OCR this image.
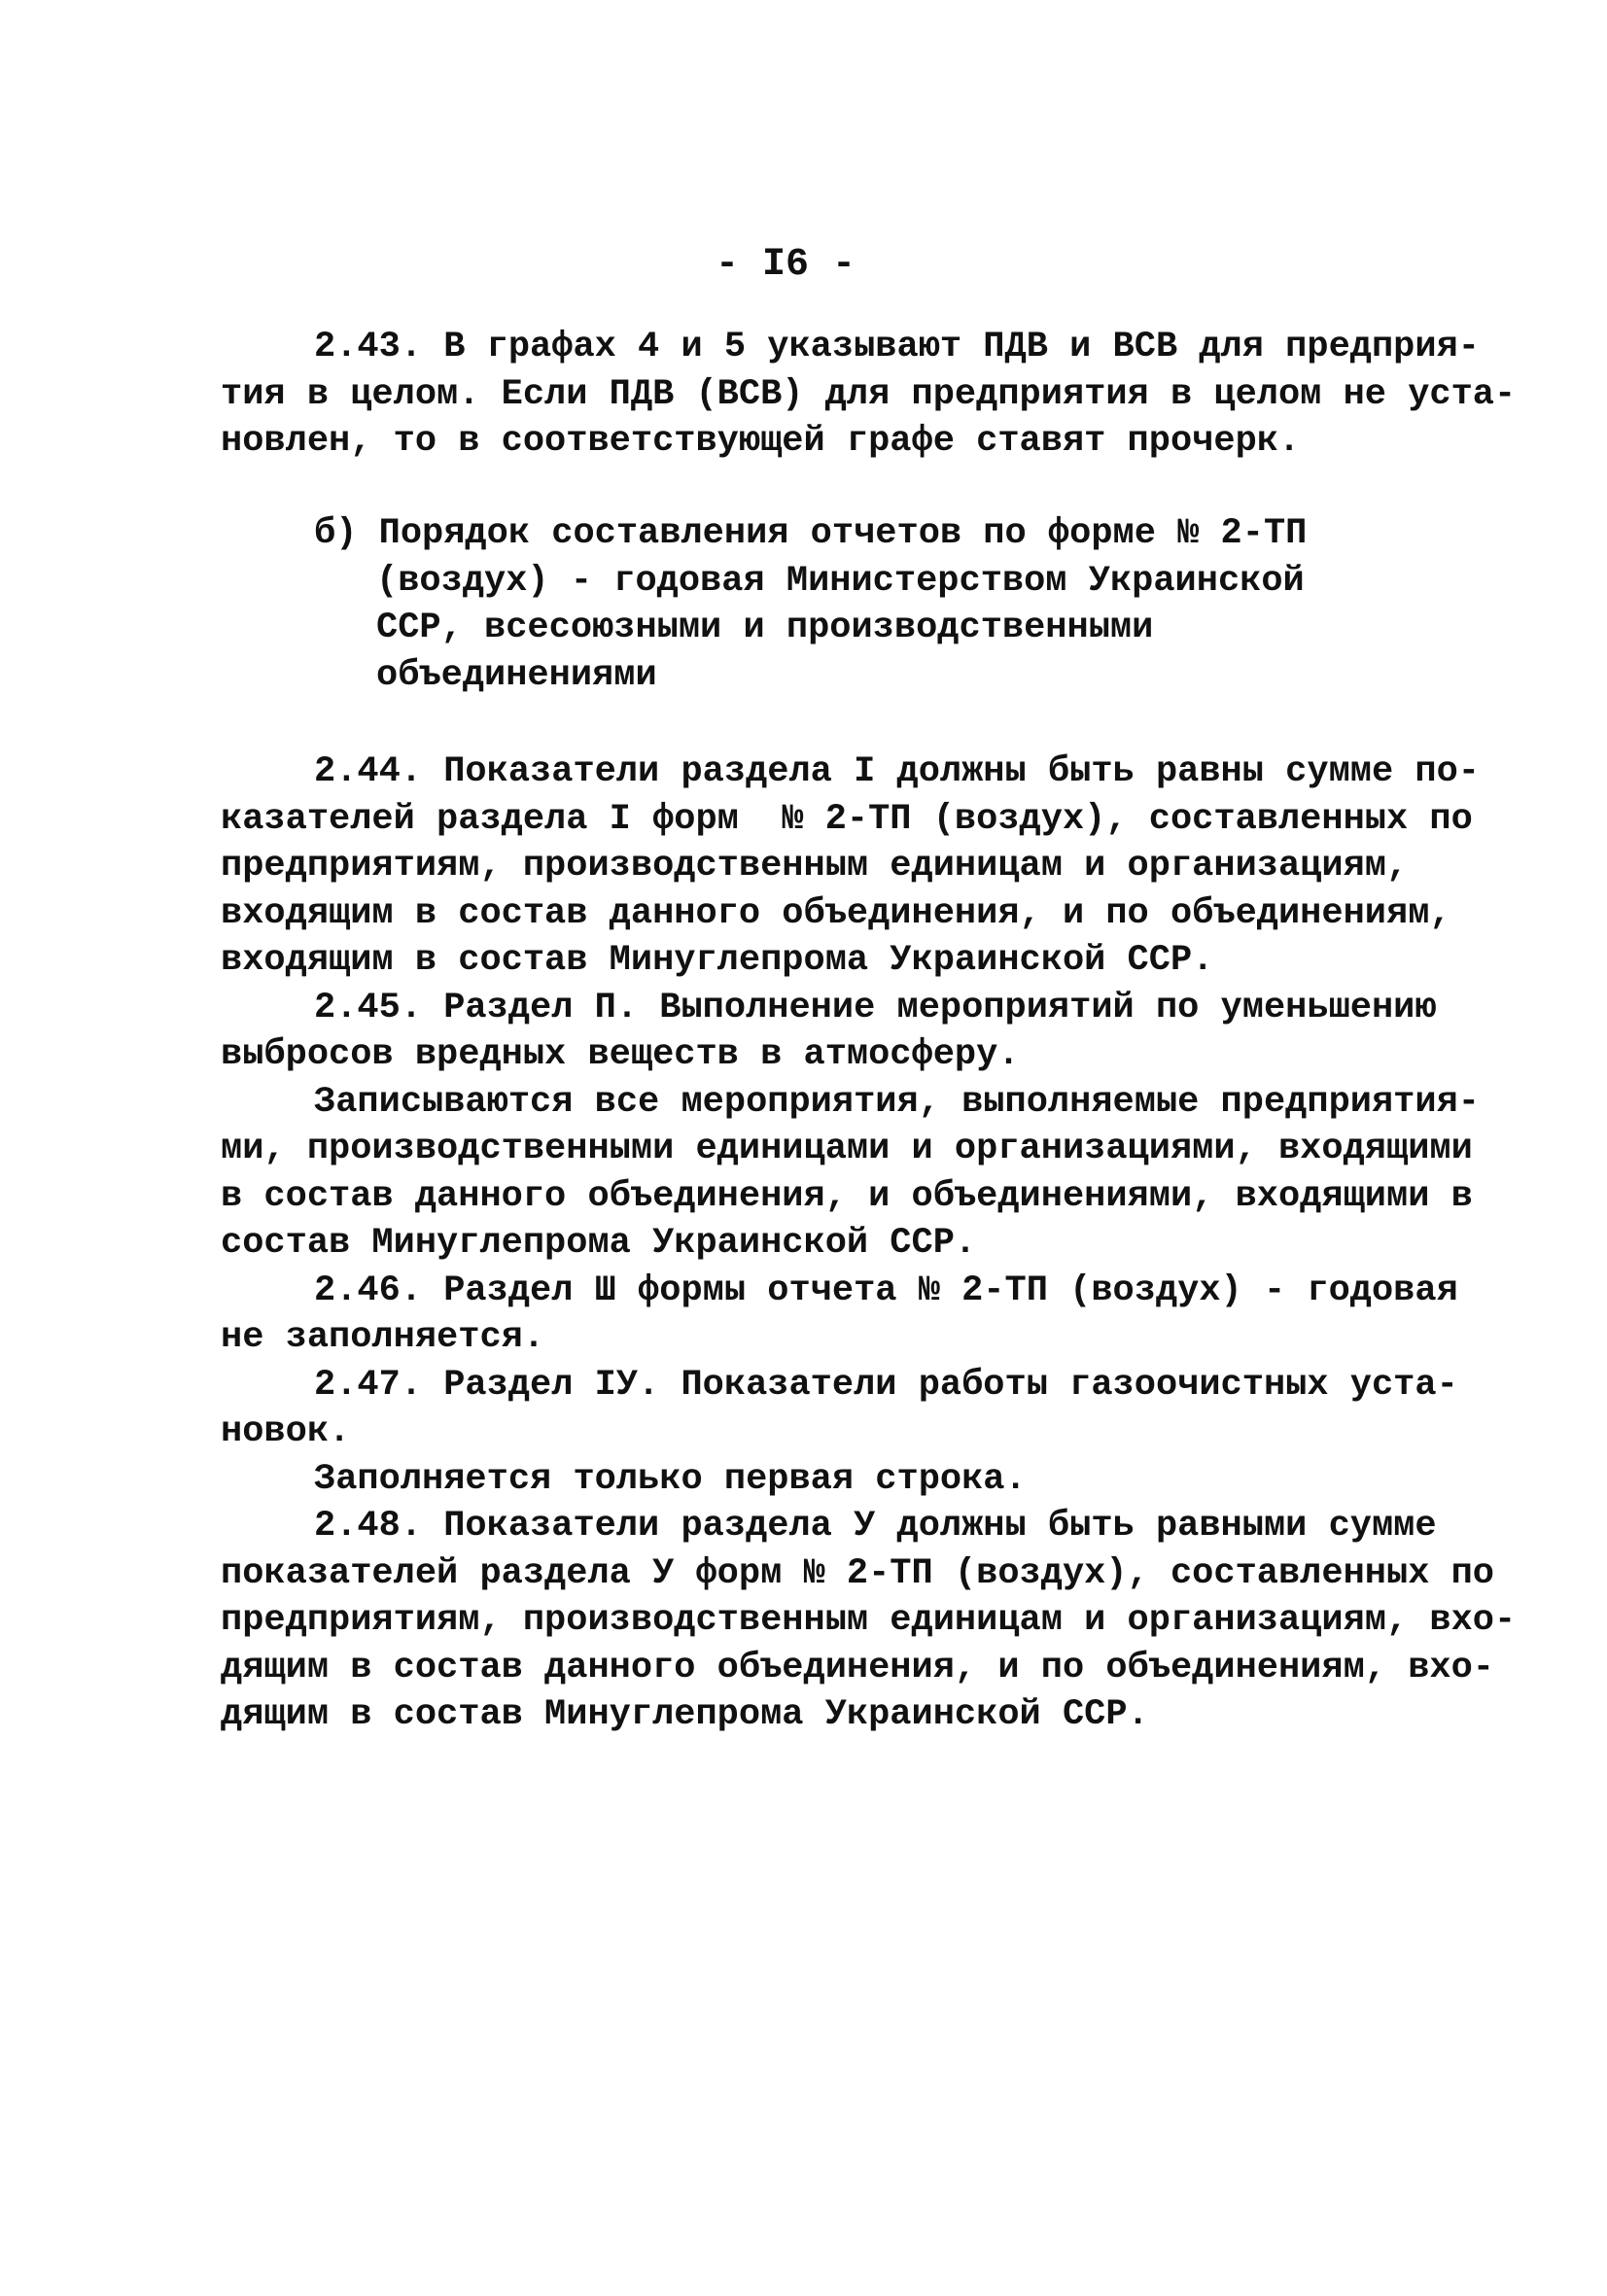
- I6 -
2.43. В графах 4 и 5 указывают ПДВ и ВСВ для предприя-
тия в целом. Если ПДВ (ВСВ) для предприятия в целом не уста-
новлен, то в соответствующей графе ставят прочерк.
б) Порядок составления отчетов по форме № 2-ТП
(воздух) - годовая Министерством Украинской
ССР, всесоюзными и производственными
объединениями
2.44. Показатели раздела I должны быть равны сумме по-
казателей раздела I форм  № 2-ТП (воздух), составленных по
предприятиям, производственным единицам и организациям,
входящим в состав данного объединения, и по объединениям,
входящим в состав Минуглепрома Украинской ССР.
2.45. Раздел П. Выполнение мероприятий по уменьшению
выбросов вредных веществ в атмосферу.
Записываются все мероприятия, выполняемые предприятия-
ми, производственными единицами и организациями, входящими
в состав данного объединения, и объединениями, входящими в
состав Минуглепрома Украинской ССР.
2.46. Раздел Ш формы отчета № 2-ТП (воздух) - годовая
не заполняется.
2.47. Раздел IУ. Показатели работы газоочистных уста-
новок.
Заполняется только первая строка.
2.48. Показатели раздела У должны быть равными сумме
показателей раздела У форм № 2-ТП (воздух), составленных по
предприятиям, производственным единицам и организациям, вхо-
дящим в состав данного объединения, и по объединениям, вхо-
дящим в состав Минуглепрома Украинской ССР.
